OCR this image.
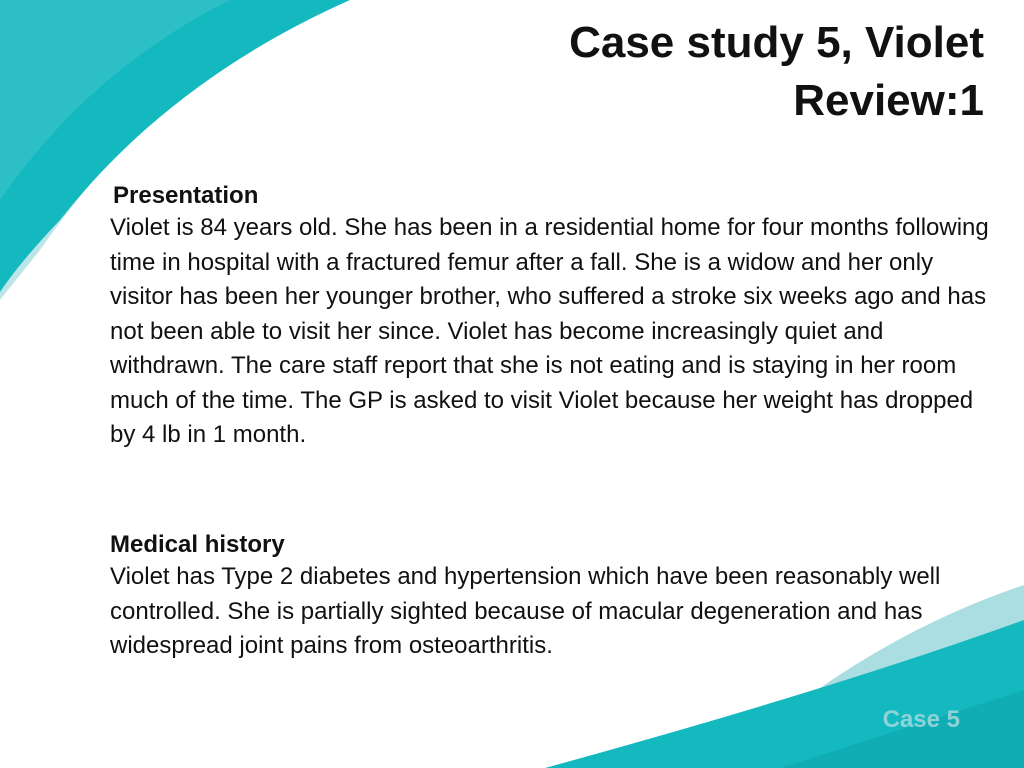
Case study 5, Violet
Review:1
Presentation
Violet is 84 years old. She has been in a residential home for four months following time in hospital with a fractured femur after a fall. She is a widow and her only visitor has been her younger brother, who suffered a stroke six weeks ago and has not been able to visit her since. Violet has become increasingly quiet and withdrawn. The care staff report that she is not eating and is staying in her room much of the time. The GP is asked to visit Violet because her weight has dropped by 4 lb in 1 month.
Medical history
Violet has Type 2 diabetes and hypertension which have been reasonably well controlled. She is partially sighted because of macular degeneration and has widespread joint pains from osteoarthritis.
Case 5
